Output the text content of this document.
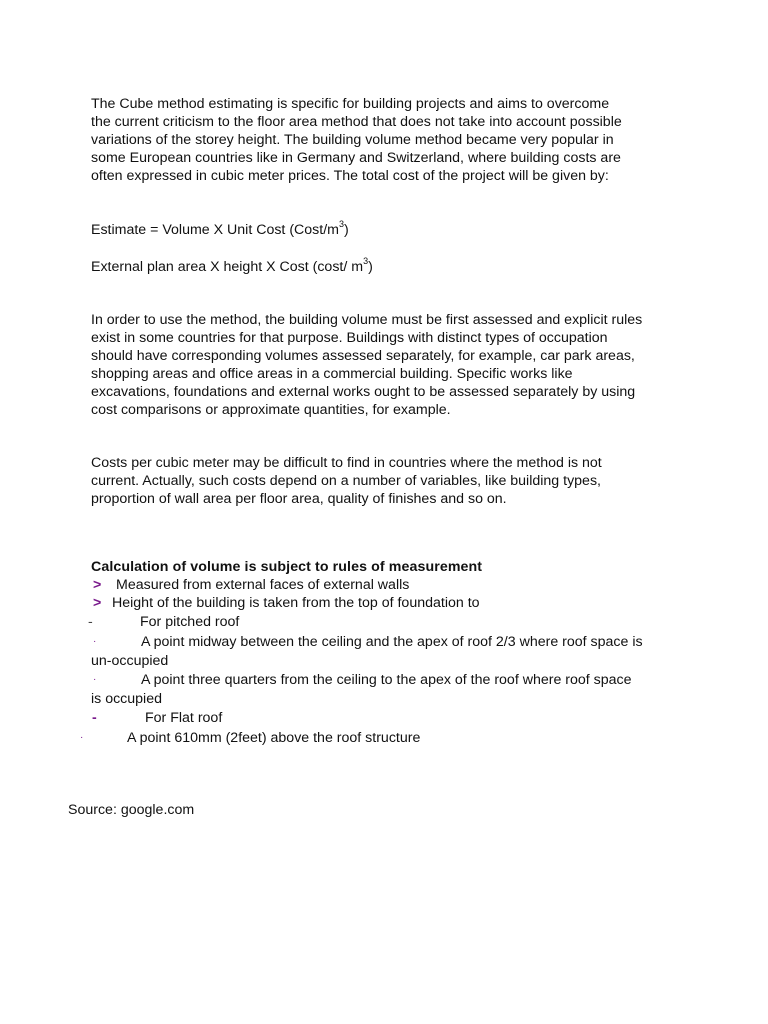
The Cube method estimating is specific for building projects and aims to overcome
the current criticism to the floor area method that does not take into account possible
variations of the storey height. The building volume method became very popular in
some European countries like in Germany and Switzerland, where building costs are
often expressed in cubic meter prices. The total cost of the project will be given by:
Estimate = Volume X Unit Cost $(Cost/m^3)$
External plan area X height X Cost (cost/ $m^3$)
In order to use the method, the building volume must be first assessed and explicit rules
exist in some countries for that purpose. Buildings with distinct types of occupation
should have corresponding volumes assessed separately, for example, car park areas,
shopping areas and office areas in a commercial building. Specific works like
excavations, foundations and external works ought to be assessed separately by using
cost comparisons or approximate quantities, for example.
Costs per cubic meter may be difficult to find in countries where the method is not
current. Actually, such costs depend on a number of variables, like building types,
proportion of wall area per floor area, quality of finishes and so on.
Calculation of volume is subject to rules of measurement
> Measured from external faces of external walls
> Height of the building is taken from the top of foundation to
-	For pitched roof
·	A point midway between the ceiling and the apex of roof 2/3 where roof space is
un-occupied
·	A point three quarters from the ceiling to the apex of the roof where roof space
is occupied
-	For Flat roof
·	A point 610mm (2feet) above the roof structure
Source: google.com
